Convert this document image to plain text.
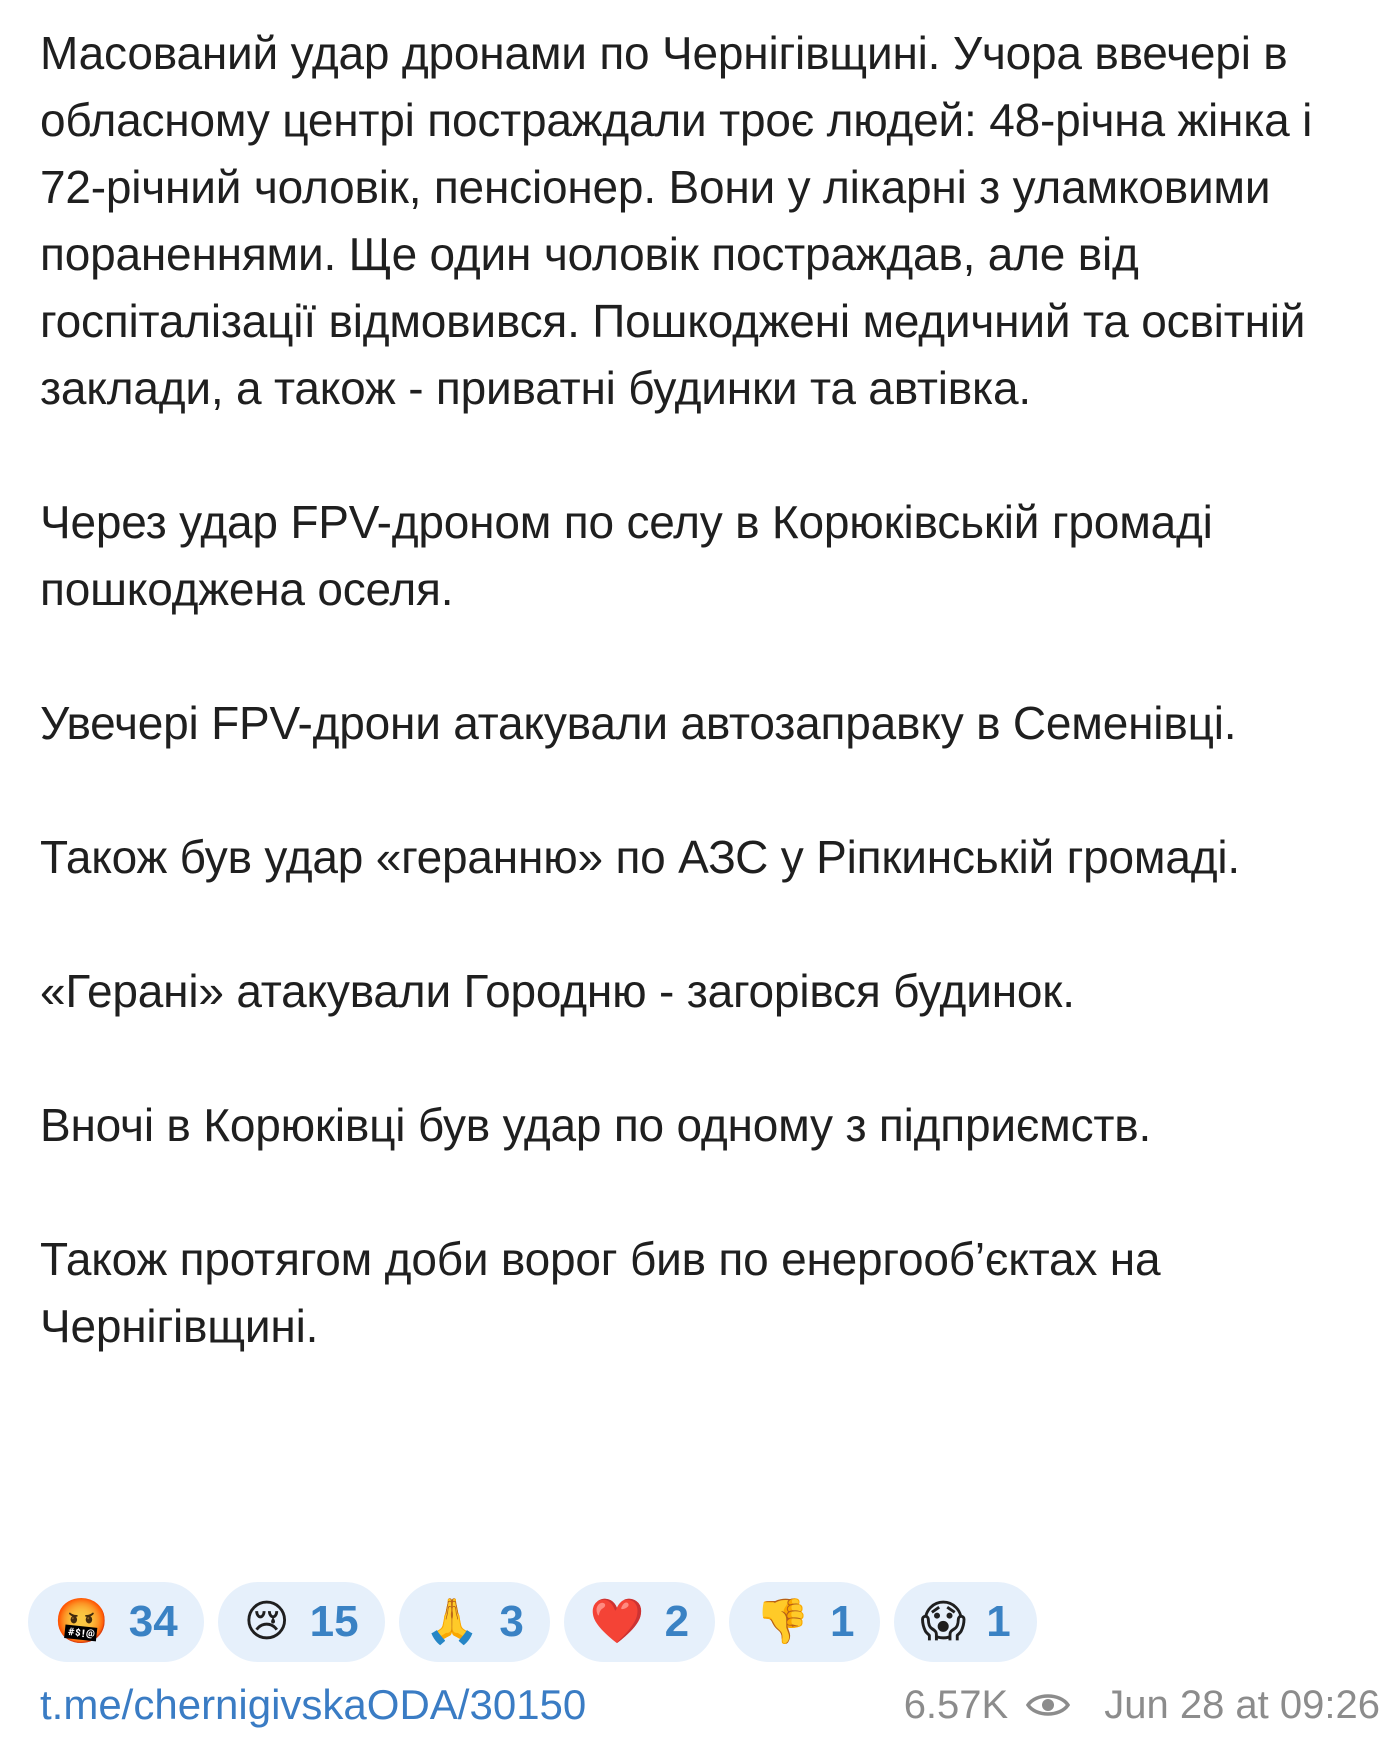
Масований удар дронами по Чернігівщині. Учора ввечері в обласному центрі постраждали троє людей: 48-річна жінка і 72-річний чоловік, пенсіонер. Вони у лікарні з уламковими пораненнями. Ще один чоловік постраждав, але від госпіталізації відмовився. Пошкоджені медичний та освітній заклади, а також - приватні будинки та автівка.

Через удар FPV-дроном по селу в Корюківській громаді пошкоджена оселя.

Увечері FPV-дрони атакували автозаправку в Семенівці.

Також був удар «геранню» по АЗС у Ріпкинській громаді.

«Герані» атакували Городню - загорівся будинок.

Вночі в Корюківці був удар по одному з підприємств.

Також протягом доби ворог бив по енергооб’єктах на Чернігівщині.

🤬 34 😢 15 🙏 3 ❤️ 2 👎 1 😱 1
t.me/chernigivskaODA/30150	6.57K Jun 28 at 09:26
